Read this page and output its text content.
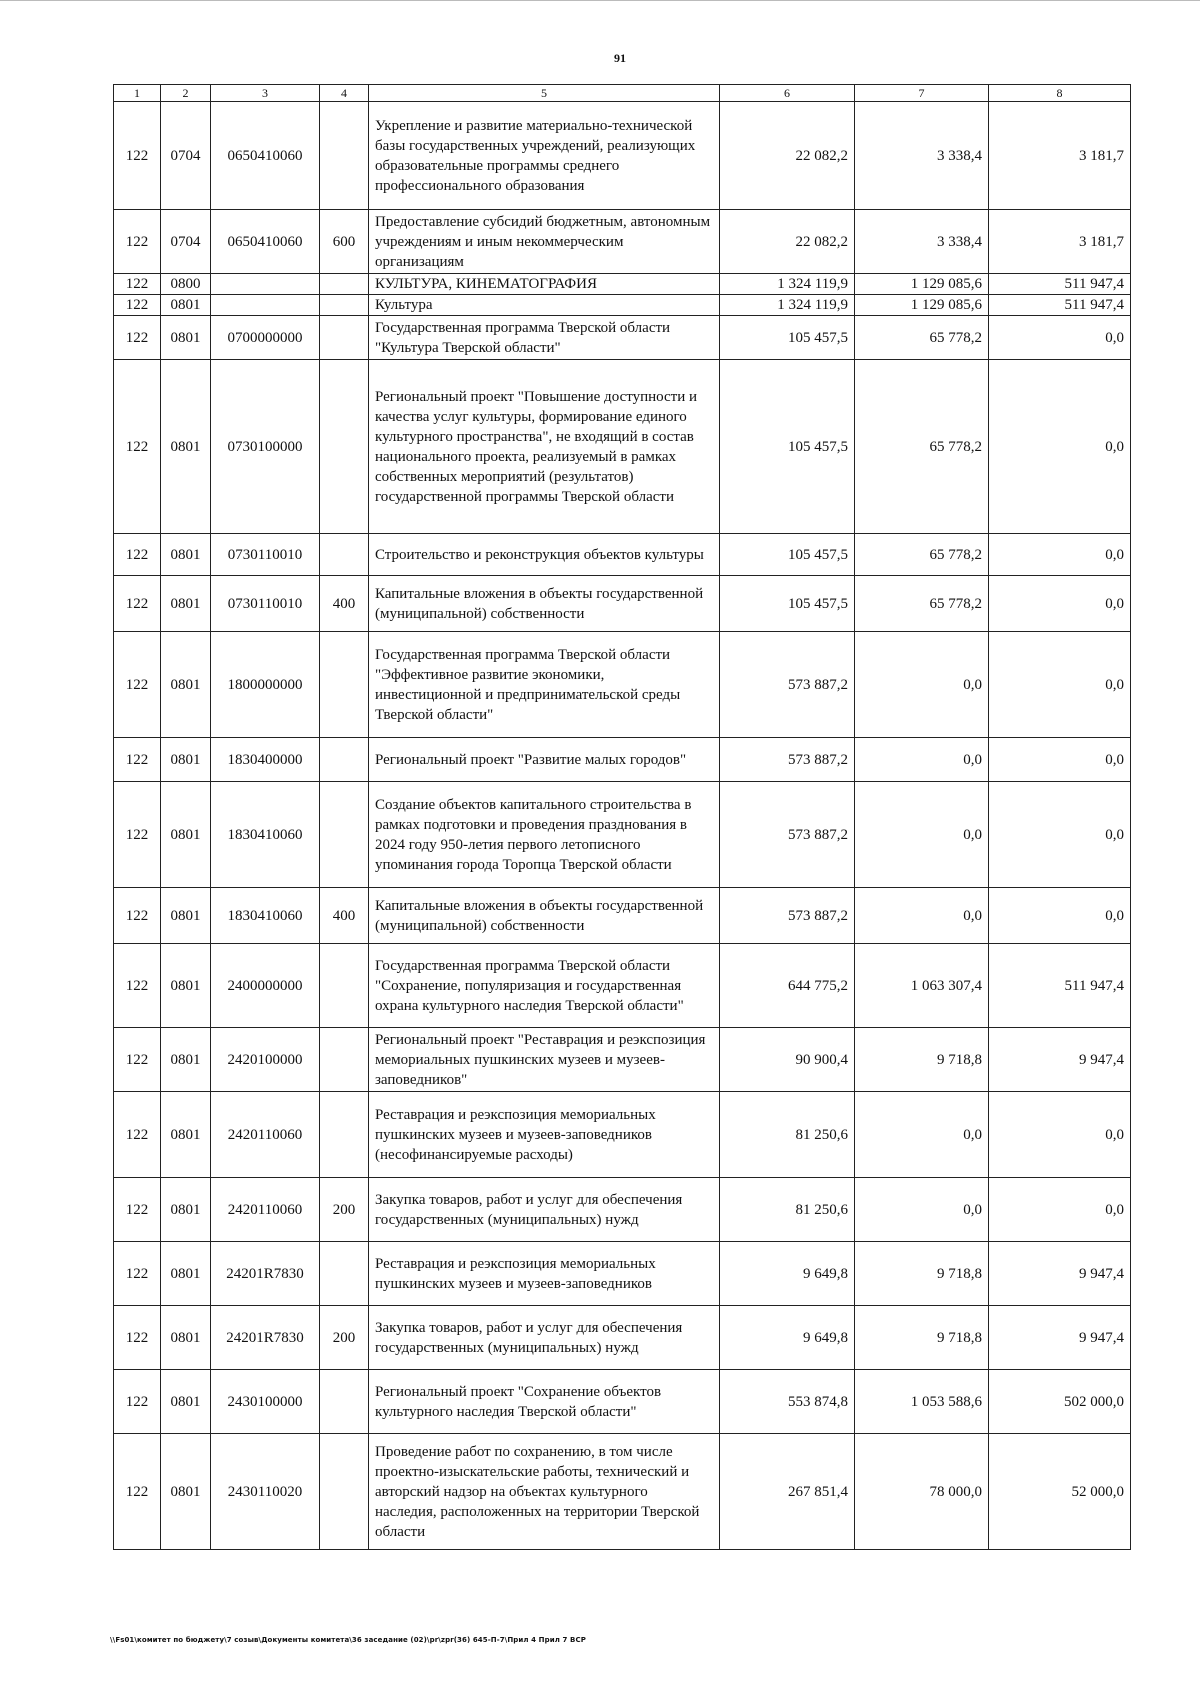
91
1	2	3	4	5	6	7	8
122	0704	0650410060		Укрепление и развитие материально-технической базы государственных учреждений, реализующих образовательные программы среднего профессионального образования	22 082,2	3 338,4	3 181,7
122	0704	0650410060	600	Предоставление субсидий бюджетным, автономным учреждениям и иным некоммерческим организациям	22 082,2	3 338,4	3 181,7
122	0800			КУЛЬТУРА, КИНЕМАТОГРАФИЯ	1 324 119,9	1 129 085,6	511 947,4
122	0801			Культура	1 324 119,9	1 129 085,6	511 947,4
122	0801	0700000000		Государственная программа Тверской области "Культура Тверской области"	105 457,5	65 778,2	0,0
122	0801	0730100000		Региональный проект "Повышение доступности и качества услуг культуры, формирование единого культурного пространства", не входящий в состав национального проекта, реализуемый в рамках собственных мероприятий (результатов) государственной программы Тверской области	105 457,5	65 778,2	0,0
122	0801	0730110010		Строительство и реконструкция объектов культуры	105 457,5	65 778,2	0,0
122	0801	0730110010	400	Капитальные вложения в объекты государственной (муниципальной) собственности	105 457,5	65 778,2	0,0
122	0801	1800000000		Государственная программа Тверской области "Эффективное развитие экономики, инвестиционной и предпринимательской среды Тверской области"	573 887,2	0,0	0,0
122	0801	1830400000		Региональный проект "Развитие малых городов"	573 887,2	0,0	0,0
122	0801	1830410060		Создание объектов капитального строительства в рамках подготовки и проведения празднования в 2024 году 950-летия первого летописного упоминания города Торопца Тверской области	573 887,2	0,0	0,0
122	0801	1830410060	400	Капитальные вложения в объекты государственной (муниципальной) собственности	573 887,2	0,0	0,0
122	0801	2400000000		Государственная программа Тверской области "Сохранение, популяризация и государственная охрана культурного наследия Тверской области"	644 775,2	1 063 307,4	511 947,4
122	0801	2420100000		Региональный проект "Реставрация и реэкспозиция мемориальных пушкинских музеев и музеев-заповедников"	90 900,4	9 718,8	9 947,4
122	0801	2420110060		Реставрация и реэкспозиция мемориальных пушкинских музеев и музеев-заповедников (несофинансируемые расходы)	81 250,6	0,0	0,0
122	0801	2420110060	200	Закупка товаров, работ и услуг для обеспечения государственных (муниципальных) нужд	81 250,6	0,0	0,0
122	0801	24201R7830		Реставрация и реэкспозиция мемориальных пушкинских музеев и музеев-заповедников	9 649,8	9 718,8	9 947,4
122	0801	24201R7830	200	Закупка товаров, работ и услуг для обеспечения государственных (муниципальных) нужд	9 649,8	9 718,8	9 947,4
122	0801	2430100000		Региональный проект "Сохранение объектов культурного наследия Тверской области"	553 874,8	1 053 588,6	502 000,0
122	0801	2430110020		Проведение работ по сохранению, в том числе проектно-изыскательские работы, технический и авторский надзор на объектах культурного наследия, расположенных на территории Тверской области	267 851,4	78 000,0	52 000,0
\\Fs01\комитет по бюджету\7 созыв\Документы комитета\36 заседание (02)\pr\zpr(36) 645-П-7\Прил 4 Прил 7 ВСР
